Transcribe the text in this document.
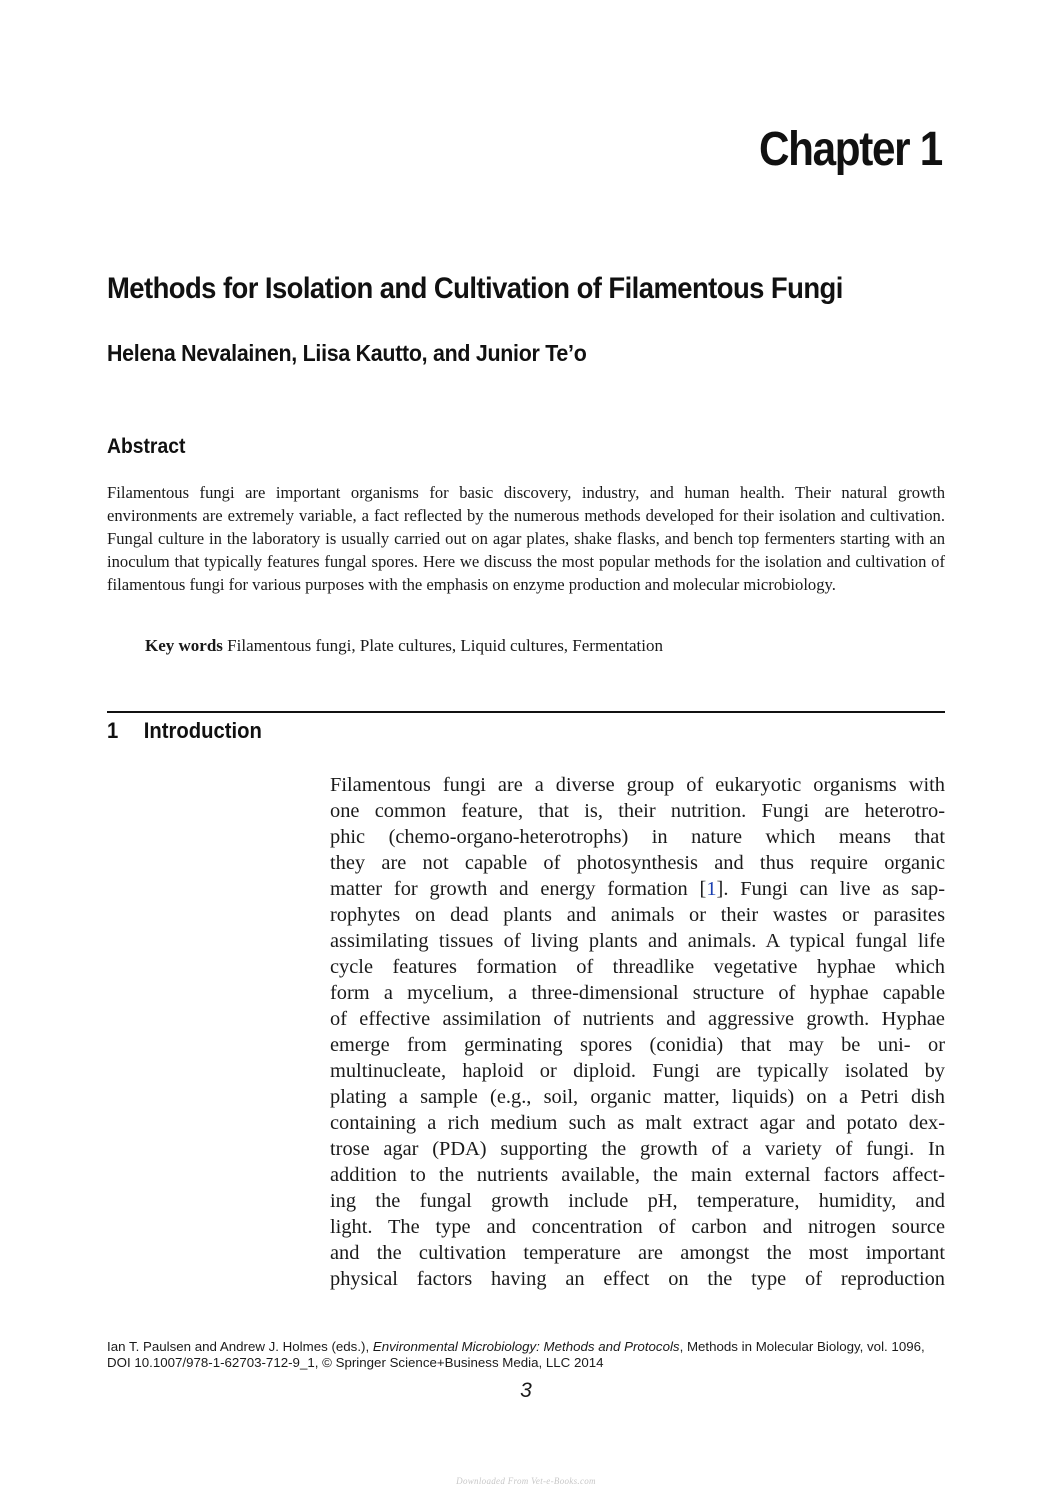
Chapter 1
Methods for Isolation and Cultivation of Filamentous Fungi
Helena Nevalainen, Liisa Kautto, and Junior Te’o
Abstract
Filamentous fungi are important organisms for basic discovery, industry, and human health. Their natural growth environments are extremely variable, a fact reflected by the numerous methods developed for their isolation and cultivation. Fungal culture in the laboratory is usually carried out on agar plates, shake flasks, and bench top fermenters starting with an inoculum that typically features fungal spores. Here we discuss the most popular methods for the isolation and cultivation of filamentous fungi for various purposes with the emphasis on enzyme production and molecular microbiology.
Key words Filamentous fungi, Plate cultures, Liquid cultures, Fermentation
1 Introduction
Filamentous fungi are a diverse group of eukaryotic organisms with
one common feature, that is, their nutrition. Fungi are heterotro-
phic (chemo-organo-heterotrophs) in nature which means that
they are not capable of photosynthesis and thus require organic
matter for growth and energy formation [1]. Fungi can live as sap-
rophytes on dead plants and animals or their wastes or parasites
assimilating tissues of living plants and animals. A typical fungal life
cycle features formation of threadlike vegetative hyphae which
form a mycelium, a three-dimensional structure of hyphae capable
of effective assimilation of nutrients and aggressive growth. Hyphae
emerge from germinating spores (conidia) that may be uni- or
multinucleate, haploid or diploid. Fungi are typically isolated by
plating a sample (e.g., soil, organic matter, liquids) on a Petri dish
containing a rich medium such as malt extract agar and potato dex-
trose agar (PDA) supporting the growth of a variety of fungi. In
addition to the nutrients available, the main external factors affect-
ing the fungal growth include pH, temperature, humidity, and
light. The type and concentration of carbon and nitrogen source
and the cultivation temperature are amongst the most important
physical factors having an effect on the type of reproduction
Ian T. Paulsen and Andrew J. Holmes (eds.), Environmental Microbiology: Methods and Protocols, Methods in Molecular Biology, vol. 1096, DOI 10.1007/978-1-62703-712-9_1, © Springer Science+Business Media, LLC 2014
3
Downloaded From Vet-e-Books.com
